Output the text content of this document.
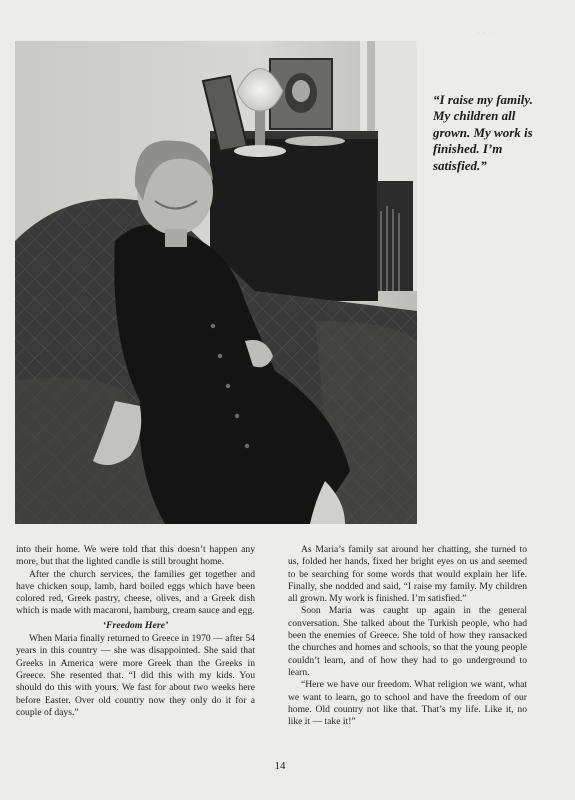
· · ·

“I raise my family. My children all grown. My work is finished. I’m satisfied.”

into their home. We were told that this doesn’t happen any more, but that the lighted candle is still brought home.

After the church services, the families get together and have chicken soup, lamb, hard boiled eggs which have been colored red, Greek pastry, cheese, olives, and a Greek dish which is made with macaroni, hamburg, cream sauce and egg.

‘Freedom Here’

When Maria finally returned to Greece in 1970 — after 54 years in this country — she was disappointed. She said that Greeks in America were more Greek than the Greeks in Greece. She resented that. “I did this with my kids. You should do this with yours. We fast for about two weeks here before Easter. Over old country now they only do it for a couple of days.”

As Maria’s family sat around her chatting, she turned to us, folded her hands, fixed her bright eyes on us and seemed to be searching for some words that would explain her life. Finally, she nodded and said, “I raise my family. My children all grown. My work is finished. I’m satisfied.”

Soon Maria was caught up again in the general conversation. She talked about the Turkish people, who had been the enemies of Greece. She told of how they ransacked the churches and homes and schools, so that the young people couldn’t learn, and of how they had to go underground to learn.

“Here we have our freedom. What religion we want, what we want to learn, go to school and have the freedom of our home. Old country not like that. That’s my life. Like it, no like it — take it!”

14
